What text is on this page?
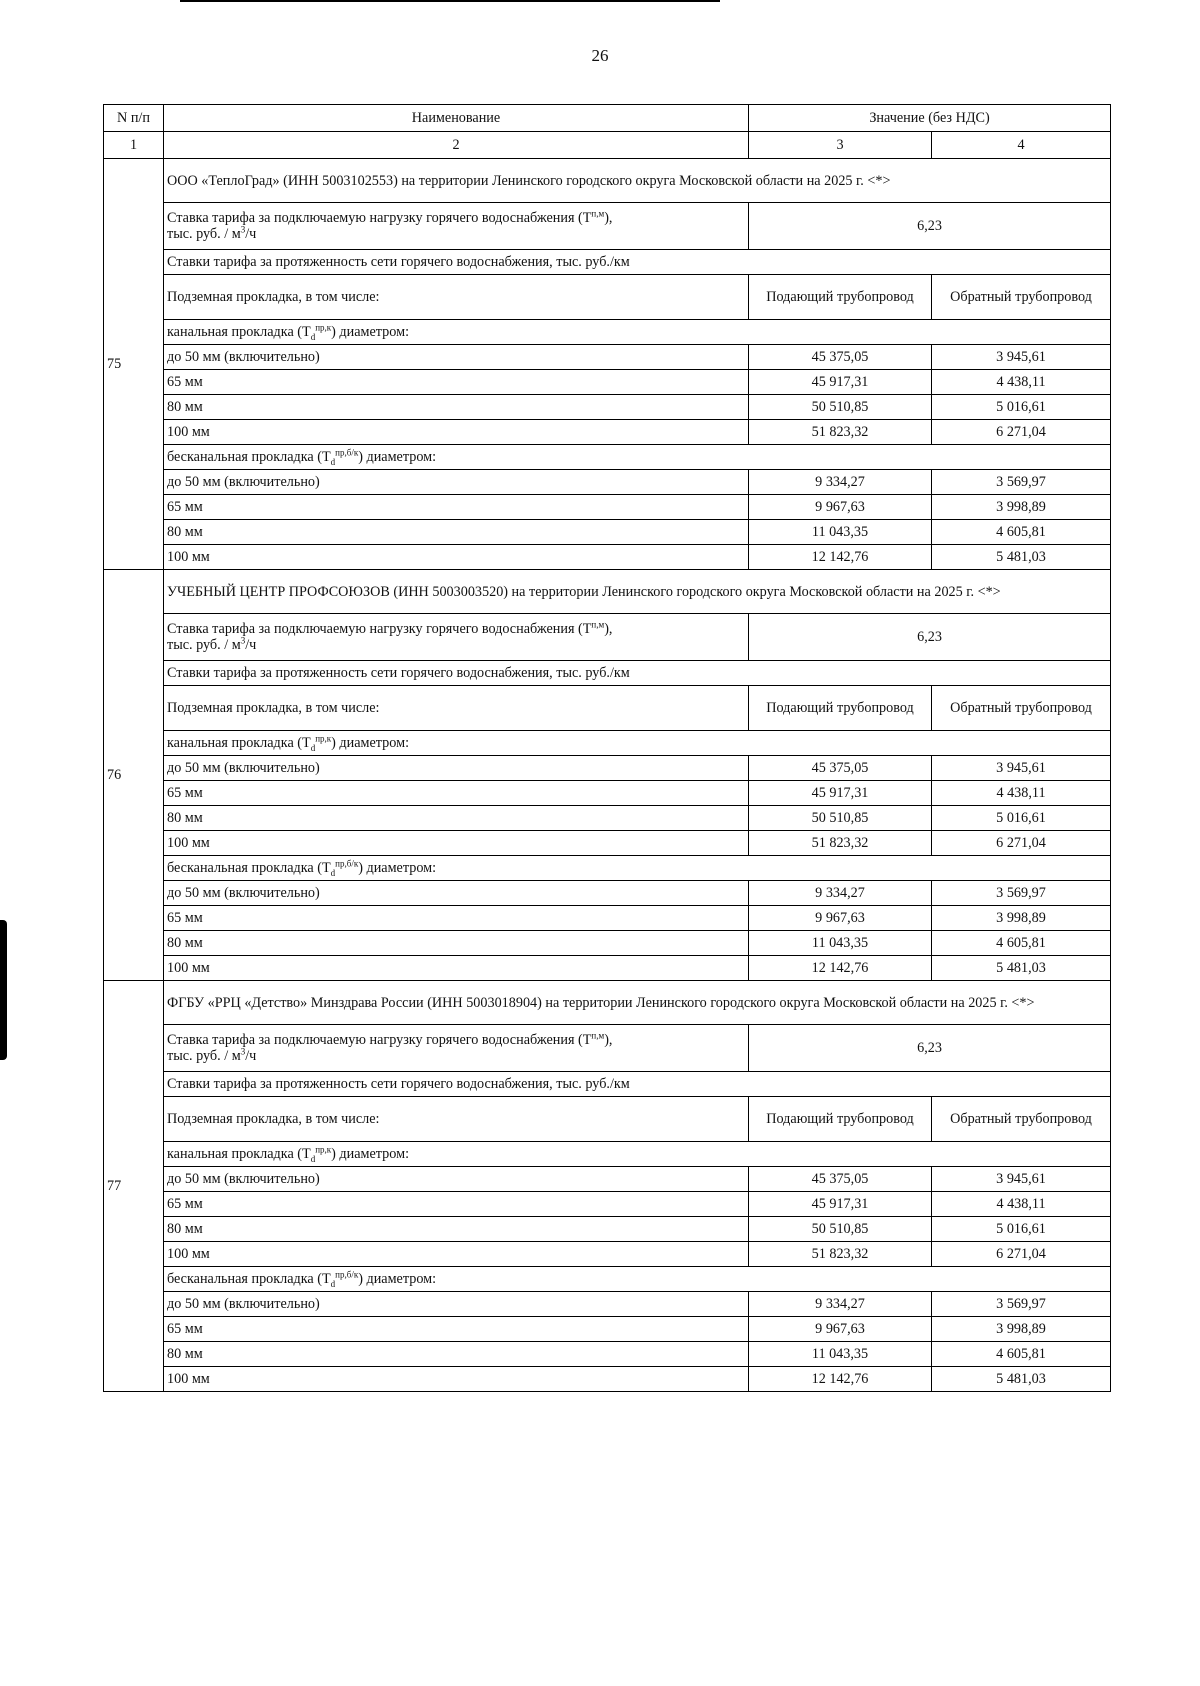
26
N п/п	Наименование	Значение (без НДС)	
1	2	3	4
75	ООО «ТеплоГрад» (ИНН 5003102553) на территории Ленинского городского округа Московской области на 2025 г. <*>		
	Ставка тарифа за подключаемую нагрузку горячего водоснабжения $(T^{п,м})$,
тыс. руб. / $м^3/ч$	6,23	
	Ставки тарифа за протяженность сети горячего водоснабжения, тыс. руб./км		
	Подземная прокладка, в том числе:	Подающий трубопровод	Обратный трубопровод
	канальная прокладка $(T_d^{пр,к})$ диаметром:		
	до 50 мм (включительно)	45 375,05	3 945,61
	65 мм	45 917,31	4 438,11
	80 мм	50 510,85	5 016,61
	100 мм	51 823,32	6 271,04
	бесканальная прокладка $(T_d^{пр,б/к})$ диаметром:		
	до 50 мм (включительно)	9 334,27	3 569,97
	65 мм	9 967,63	3 998,89
	80 мм	11 043,35	4 605,81
	100 мм	12 142,76	5 481,03
76	УЧЕБНЫЙ ЦЕНТР ПРОФСОЮЗОВ (ИНН 5003003520) на территории Ленинского городского округа Московской области на 2025 г. <*>		
	Ставка тарифа за подключаемую нагрузку горячего водоснабжения $(T^{п,м})$,
тыс. руб. / $м^3/ч$	6,23	
	Ставки тарифа за протяженность сети горячего водоснабжения, тыс. руб./км		
	Подземная прокладка, в том числе:	Подающий трубопровод	Обратный трубопровод
	канальная прокладка $(T_d^{пр,к})$ диаметром:		
	до 50 мм (включительно)	45 375,05	3 945,61
	65 мм	45 917,31	4 438,11
	80 мм	50 510,85	5 016,61
	100 мм	51 823,32	6 271,04
	бесканальная прокладка $(T_d^{пр,б/к})$ диаметром:		
	до 50 мм (включительно)	9 334,27	3 569,97
	65 мм	9 967,63	3 998,89
	80 мм	11 043,35	4 605,81
	100 мм	12 142,76	5 481,03
77	ФГБУ «РРЦ «Детство» Минздрава России (ИНН 5003018904) на территории Ленинского городского округа Московской области на 2025 г. <*>		
	Ставка тарифа за подключаемую нагрузку горячего водоснабжения $(T^{п,м})$,
тыс. руб. / $м^3/ч$	6,23	
	Ставки тарифа за протяженность сети горячего водоснабжения, тыс. руб./км		
	Подземная прокладка, в том числе:	Подающий трубопровод	Обратный трубопровод
	канальная прокладка $(T_d^{пр,к})$ диаметром:		
	до 50 мм (включительно)	45 375,05	3 945,61
	65 мм	45 917,31	4 438,11
	80 мм	50 510,85	5 016,61
	100 мм	51 823,32	6 271,04
	бесканальная прокладка $(T_d^{пр,б/к})$ диаметром:		
	до 50 мм (включительно)	9 334,27	3 569,97
	65 мм	9 967,63	3 998,89
	80 мм	11 043,35	4 605,81
	100 мм	12 142,76	5 481,03
